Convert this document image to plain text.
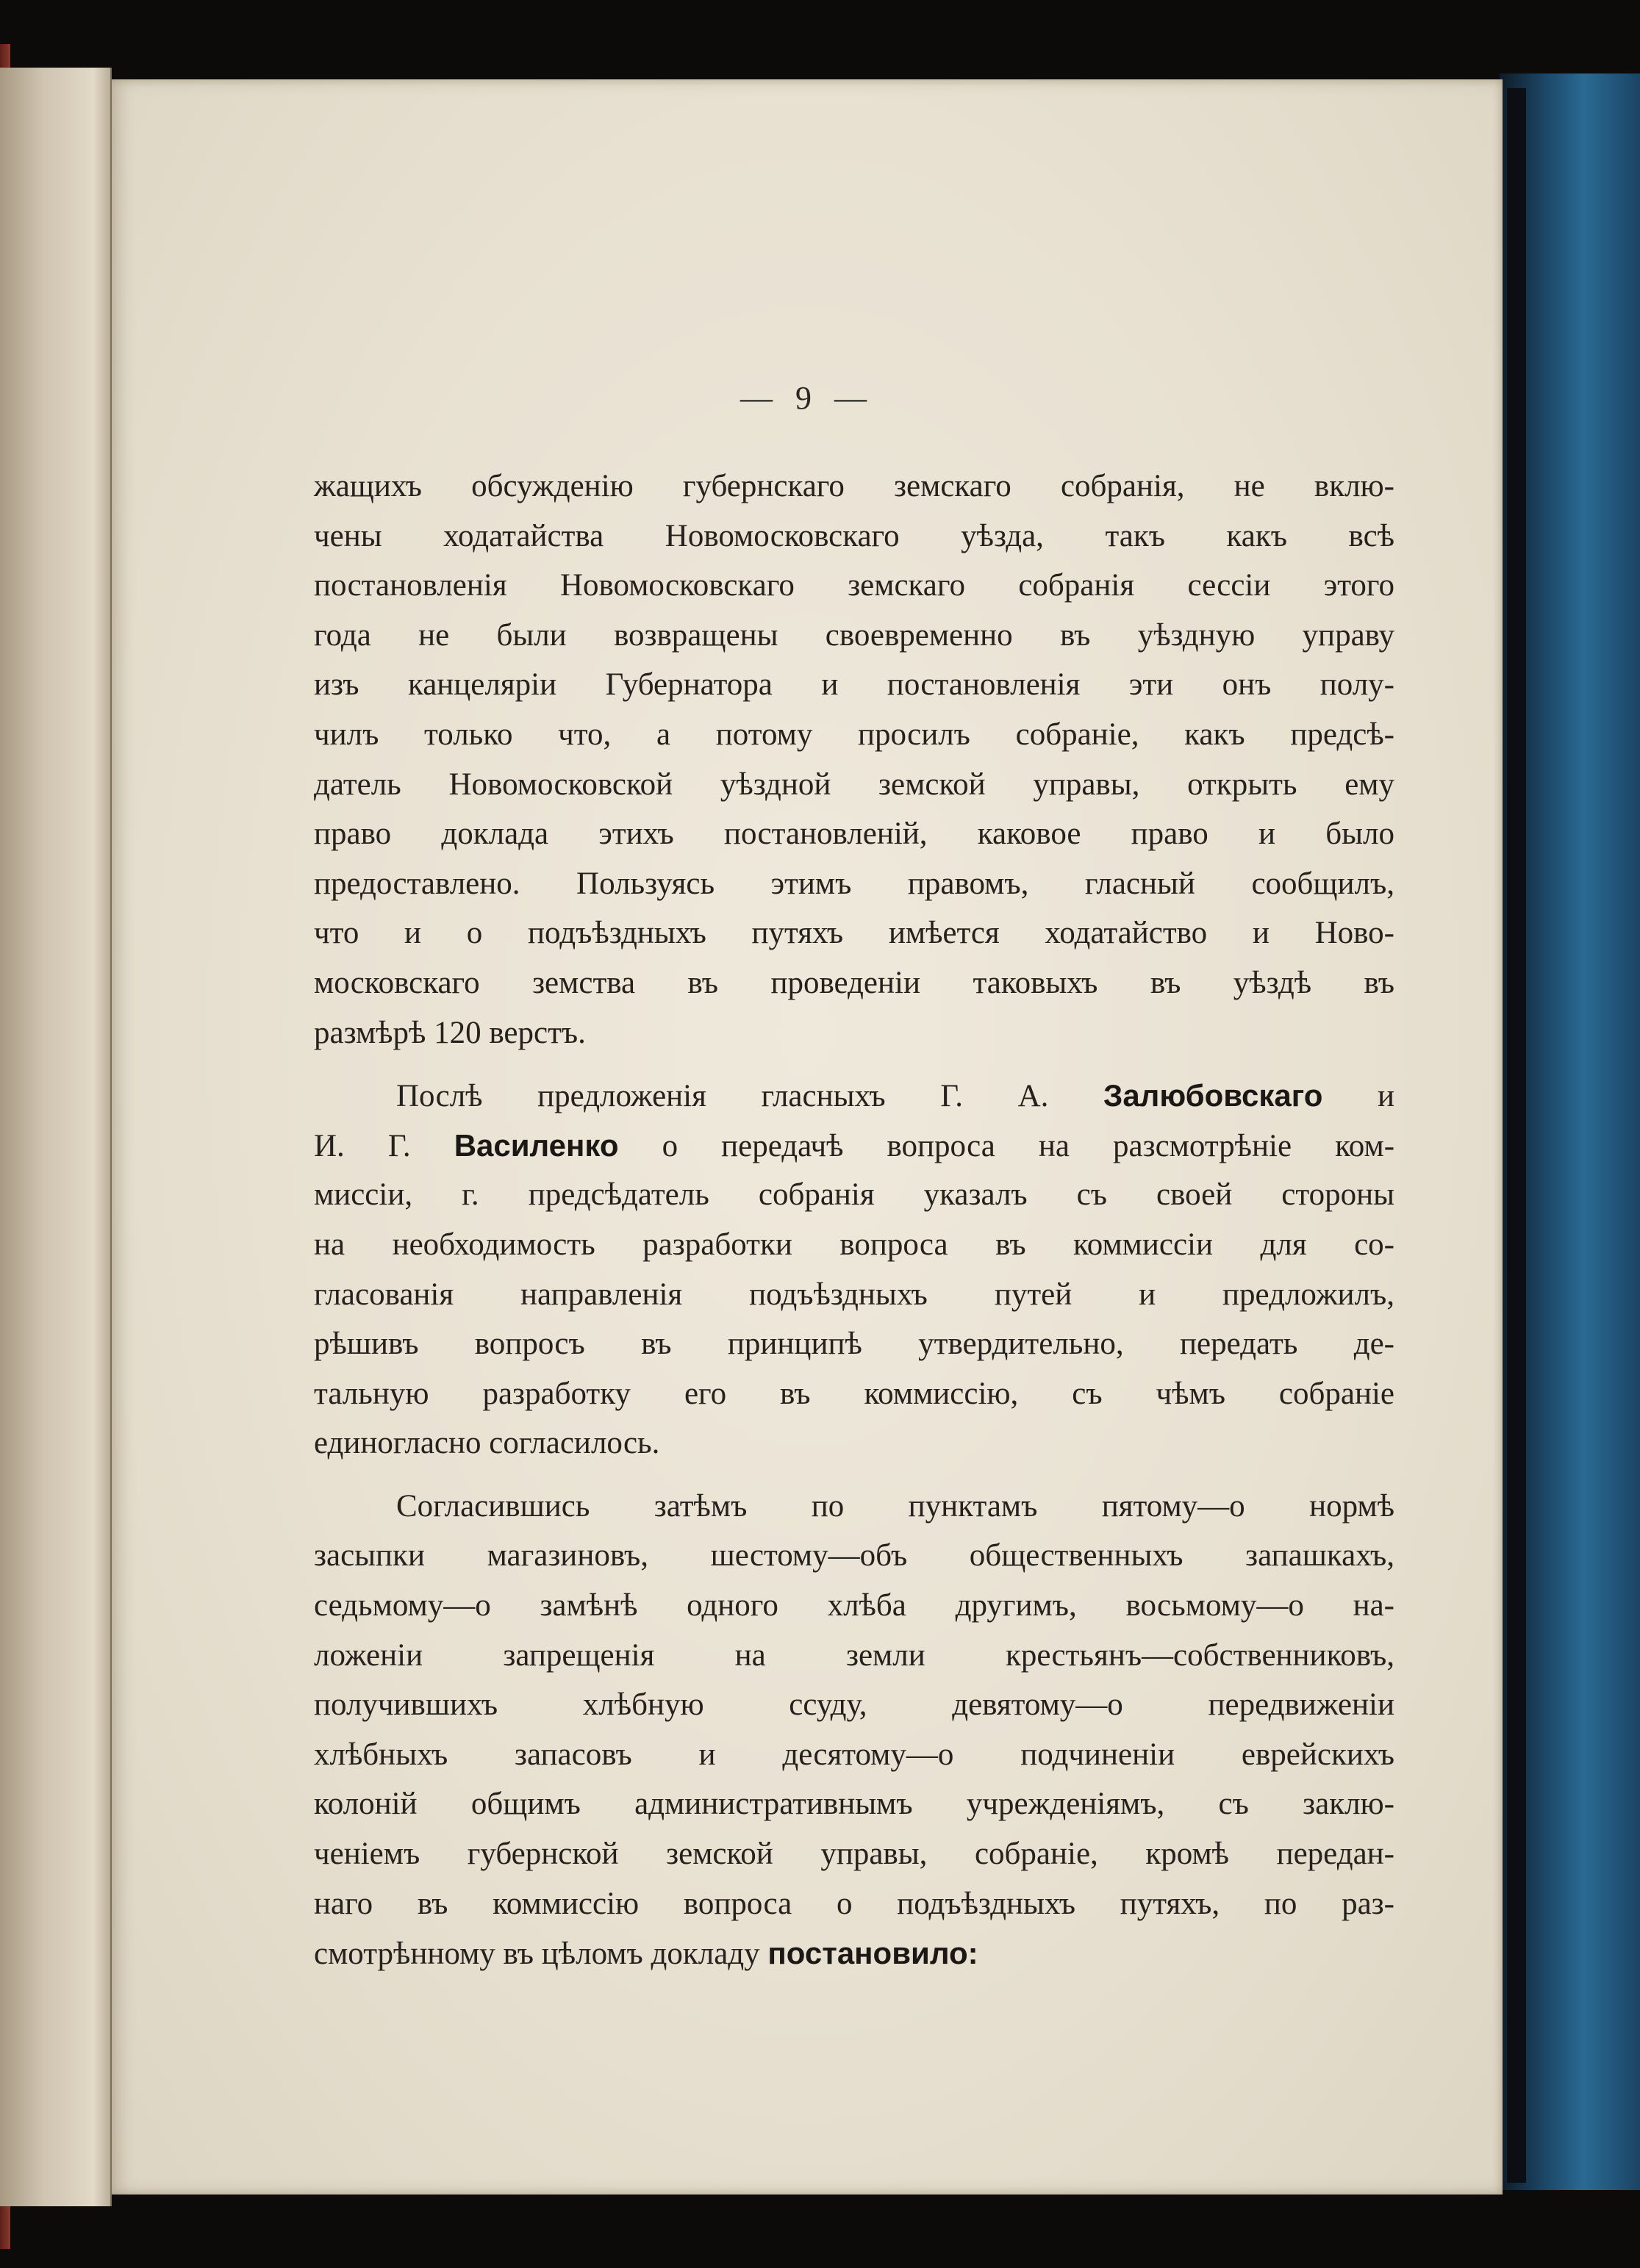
— 9 —
жащихъ обсужденію губернскаго земскаго собранія, не вклю-
чены ходатайства Новомосковскаго уѣзда, такъ какъ всѣ
постановленія Новомосковскаго земскаго собранія сессіи этого
года не были возвращены своевременно въ уѣздную управу
изъ канцеляріи Губернатора и постановленія эти онъ полу-
чилъ только что, а потому просилъ собраніе, какъ предсѣ-
датель Новомосковской уѣздной земской управы, открыть ему
право доклада этихъ постановленій, каковое право и было
предоставлено. Пользуясь этимъ правомъ, гласный сообщилъ,
что и о подъѣздныхъ путяхъ имѣется ходатайство и Ново-
московскаго земства въ проведеніи таковыхъ въ уѣздѣ въ
размѣрѣ 120 верстъ.
Послѣ предложенія гласныхъ Г. А. Залюбовскаго и
И. Г. Василенко о передачѣ вопроса на разсмотрѣніе ком-
миссіи, г. предсѣдатель собранія указалъ съ своей стороны
на необходимость разработки вопроса въ коммиссіи для со-
гласованія направленія подъѣздныхъ путей и предложилъ,
рѣшивъ вопросъ въ принципѣ утвердительно, передать де-
тальную разработку его въ коммиссію, съ чѣмъ собраніе
единогласно согласилось.
Согласившись затѣмъ по пунктамъ пятому—о нормѣ
засыпки магазиновъ, шестому—объ общественныхъ запашкахъ,
седьмому—о замѣнѣ одного хлѣба другимъ, восьмому—о на-
ложеніи запрещенія на земли крестьянъ—собственниковъ,
получившихъ хлѣбную ссуду, девятому—о передвиженіи
хлѣбныхъ запасовъ и десятому—о подчиненіи еврейскихъ
колоній общимъ административнымъ учрежденіямъ, съ заклю-
ченіемъ губернской земской управы, собраніе, кромѣ передан-
наго въ коммиссію вопроса о подъѣздныхъ путяхъ, по раз-
смотрѣнному въ цѣломъ докладу постановило:
